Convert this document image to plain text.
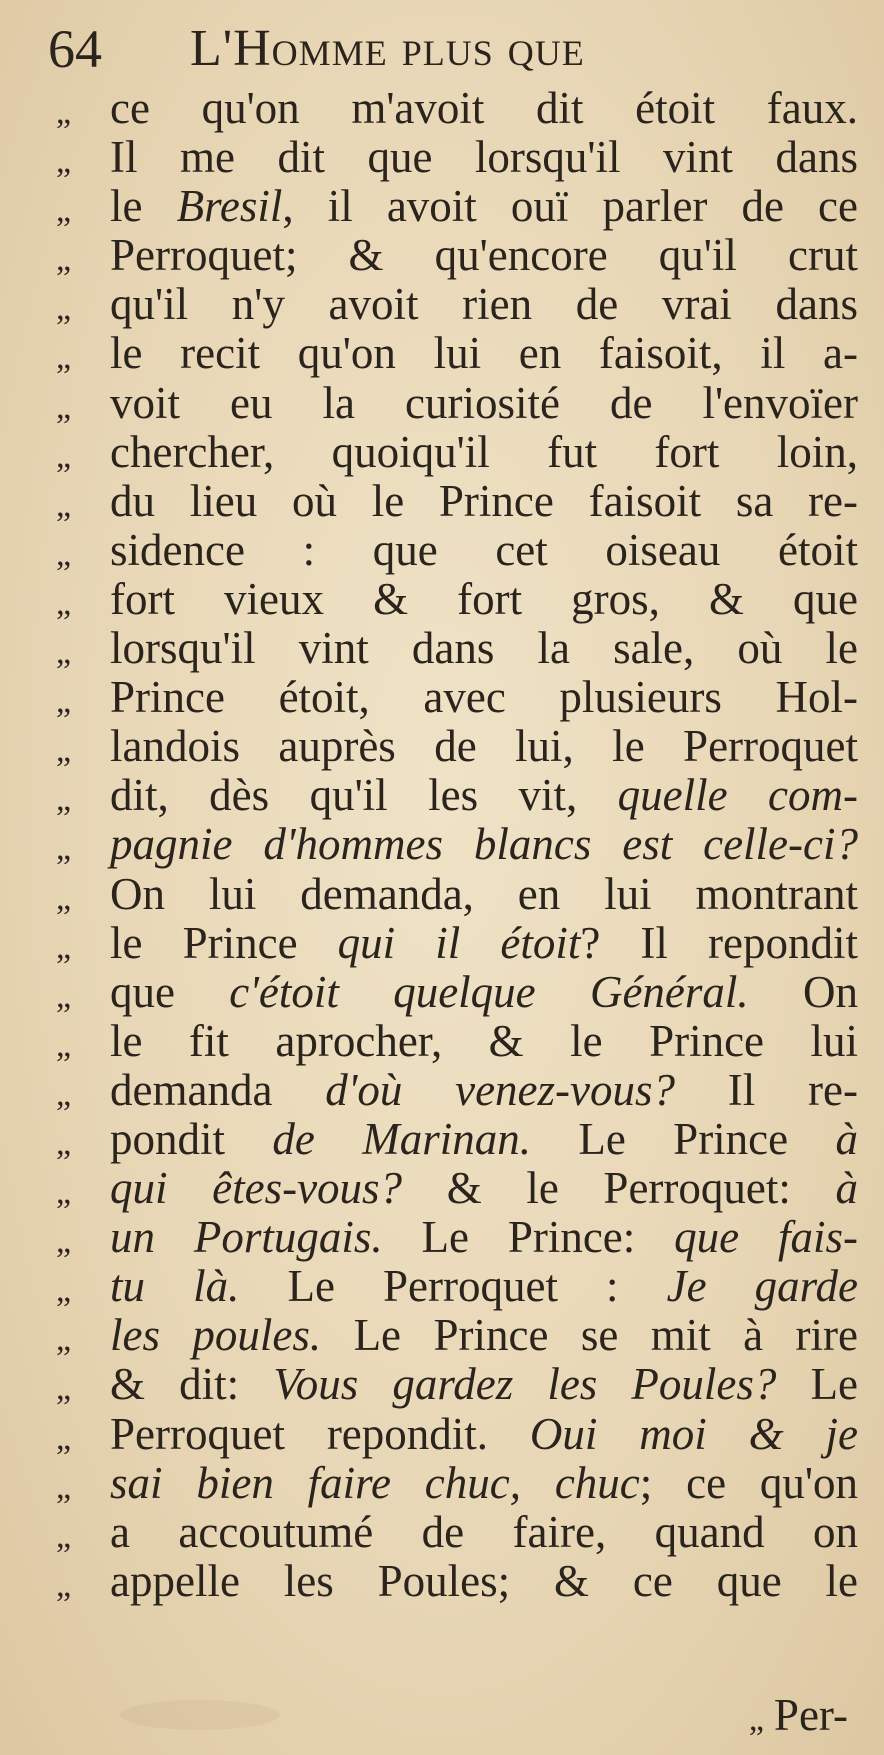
64 L'Homme plus que
„ ce qu'on m'avoit dit étoit faux.
„ Il me dit que lorsqu'il vint dans
„ le Bresil, il avoit ouï parler de ce
„ Perroquet; & qu'encore qu'il crut
„ qu'il n'y avoit rien de vrai dans
„ le recit qu'on lui en faisoit, il a-
„ voit eu la curiosité de l'envoïer
„ chercher, quoiqu'il fut fort loin,
„ du lieu où le Prince faisoit sa re-
„ sidence : que cet oiseau étoit
„ fort vieux & fort gros, & que
„ lorsqu'il vint dans la sale, où le
„ Prince étoit, avec plusieurs Hol-
„ landois auprès de lui, le Perroquet
„ dit, dès qu'il les vit, quelle com-
„ pagnie d'hommes blancs est celle-ci?
„ On lui demanda, en lui montrant
„ le Prince qui il étoit? Il repondit
„ que c'étoit quelque Général. On
„ le fit aprocher, & le Prince lui
„ demanda d'où venez-vous? Il re-
„ pondit de Marinan. Le Prince à
„ qui êtes-vous? & le Perroquet: à
„ un Portugais. Le Prince: que fais-
„ tu là. Le Perroquet : Je garde
„ les poules. Le Prince se mit à rire
„ & dit: Vous gardez les Poules? Le
„ Perroquet repondit. Oui moi & je
„ sai bien faire chuc, chuc; ce qu'on
„ a accoutumé de faire, quand on
„ appelle les Poules; & ce que le
„ Per-
